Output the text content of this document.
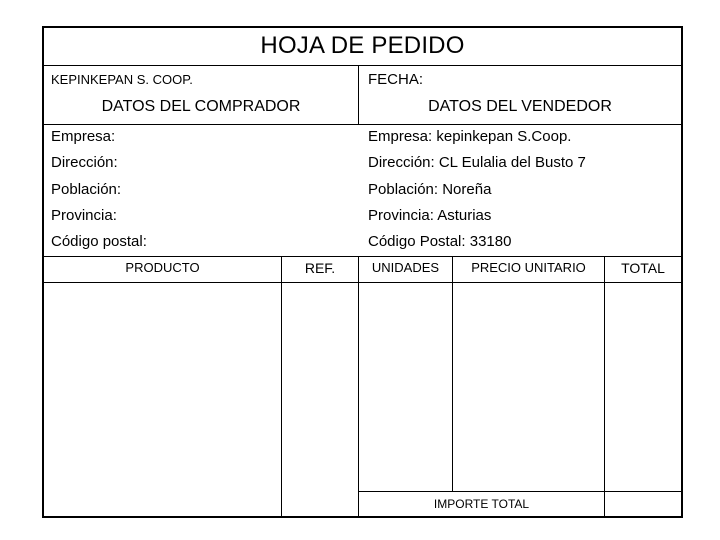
HOJA DE PEDIDO
KEPINKEPAN S. COOP.	FECHA:
DATOS DEL COMPRADOR	DATOS DEL VENDEDOR
Empresa:
Dirección:
Población:
Provincia:
Código postal:
Empresa: kepinkepan S.Coop.
Dirección: CL Eulalia del Busto 7
Población: Noreña
Provincia: Asturias
Código Postal: 33180
PRODUCTO	REF.	UNIDADES	PRECIO UNITARIO	TOTAL
IMPORTE TOTAL
